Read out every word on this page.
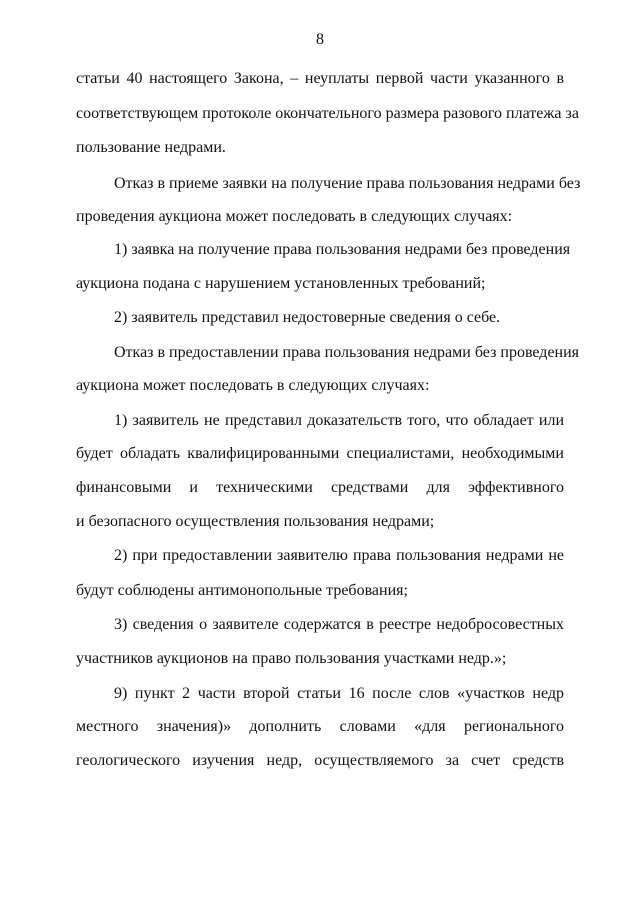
8
статьи 40 настоящего Закона, – неуплаты первой части указанного в
соответствующем протоколе окончательного размера разового платежа за
пользование недрами.
Отказ в приеме заявки на получение права пользования недрами без
проведения аукциона может последовать в следующих случаях:
1) заявка на получение права пользования недрами без проведения
аукциона подана с нарушением установленных требований;
2) заявитель представил недостоверные сведения о себе.
Отказ в предоставлении права пользования недрами без проведения
аукциона может последовать в следующих случаях:
1) заявитель не представил доказательств того, что обладает или
будет обладать квалифицированными специалистами, необходимыми
финансовыми и техническими средствами для эффективного
и безопасного осуществления пользования недрами;
2) при предоставлении заявителю права пользования недрами не
будут соблюдены антимонопольные требования;
3) сведения о заявителе содержатся в реестре недобросовестных
участников аукционов на право пользования участками недр.»;
9) пункт 2 части второй статьи 16 после слов «участков недр
местного значения)» дополнить словами «для регионального
геологического изучения недр, осуществляемого за счет средств
